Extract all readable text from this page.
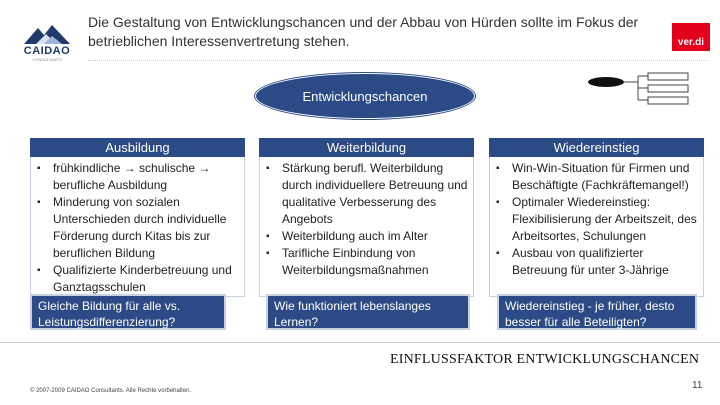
CAIDAO
CONSULTANTS
Die Gestaltung von Entwicklungschancen und der Abbau von Hürden sollte im Fokus der betrieblichen Interessenvertretung stehen.	ver.di
Entwicklungschancen
Ausbildung
▪ frühkindliche → schulische → berufliche Ausbildung
▪ Minderung von sozialen Unterschieden durch individuelle Förderung durch Kitas bis zur beruflichen Bildung
▪ Qualifizierte Kinderbetreuung und Ganztagsschulen
Gleiche Bildung für alle vs. Leistungsdifferenzierung?
Weiterbildung
▪ Stärkung berufl. Weiterbildung durch individuellere Betreuung und qualitative Verbesserung des Angebots
▪ Weiterbildung auch im Alter
▪ Tarifliche Einbindung von Weiterbildungsmaßnahmen
Wie funktioniert lebenslanges Lernen?
Wiedereinstieg
▪ Win-Win-Situation für Firmen und Beschäftigte (Fachkräftemangel!)
▪ Optimaler Wiedereinstieg: Flexibilisierung der Arbeitszeit, des Arbeitsortes, Schulungen
▪ Ausbau von qualifizierter Betreuung für unter 3-Jährige
Wiedereinstieg - je früher, desto besser für alle Beteiligten?
EINFLUSSFAKTOR ENTWICKLUNGSCHANCEN
© 2007-2009 CAIDAO Consultants. Alle Rechte vorbehalten.	11
